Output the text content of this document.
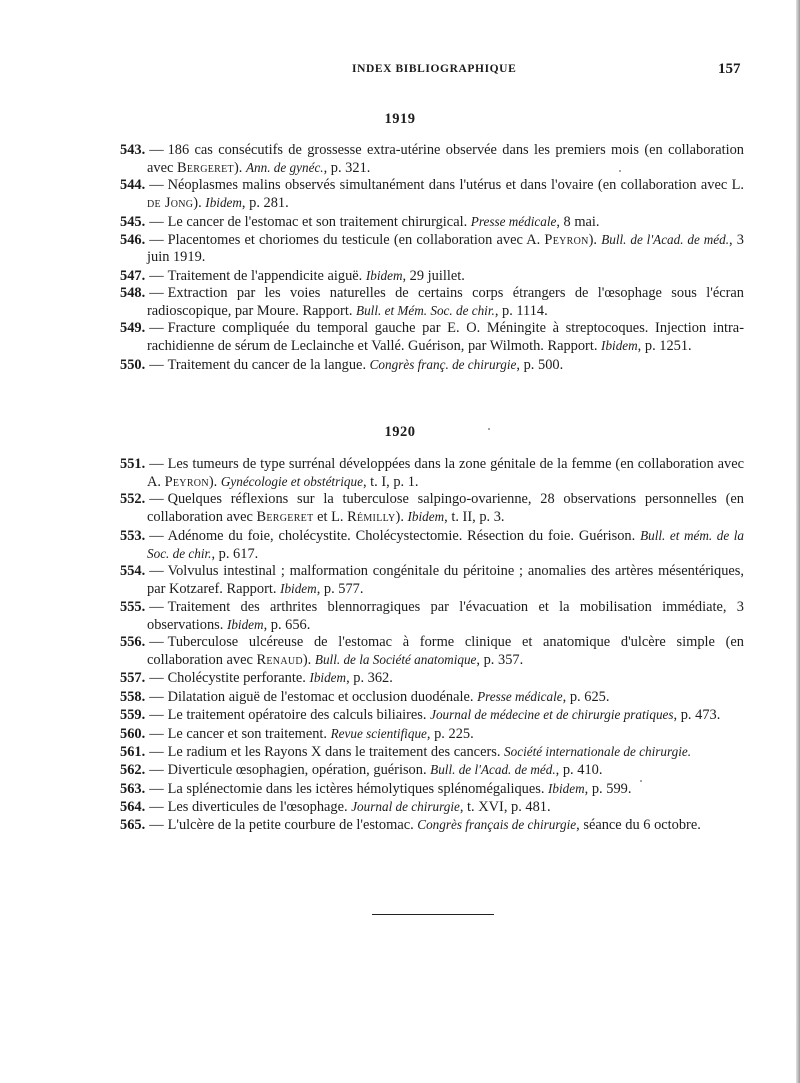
INDEX BIBLIOGRAPHIQUE	157
1919
543. — 186 cas consécutifs de grossesse extra-utérine observée dans les premiers mois (en collaboration avec Bergeret). Ann. de gynéc., p. 321.
544. — Néoplasmes malins observés simultanément dans l'utérus et dans l'ovaire (en collaboration avec L. de Jong). Ibidem, p. 281.
545. — Le cancer de l'estomac et son traitement chirurgical. Presse médicale, 8 mai.
546. — Placentomes et choriomes du testicule (en collaboration avec A. Peyron). Bull. de l'Acad. de méd., 3 juin 1919.
547. — Traitement de l'appendicite aiguë. Ibidem, 29 juillet.
548. — Extraction par les voies naturelles de certains corps étrangers de l'œsophage sous l'écran radioscopique, par Moure. Rapport. Bull. et Mém. Soc. de chir., p. 1114.
549. — Fracture compliquée du temporal gauche par E. O. Méningite à streptocoques. Injection intra-rachidienne de sérum de Leclainche et Vallé. Guérison, par Wilmoth. Rapport. Ibidem, p. 1251.
550. — Traitement du cancer de la langue. Congrès franç. de chirurgie, p. 500.
1920
551. — Les tumeurs de type surrénal développées dans la zone génitale de la femme (en collaboration avec A. Peyron). Gynécologie et obstétrique, t. I, p. 1.
552. — Quelques réflexions sur la tuberculose salpingo-ovarienne, 28 observations personnelles (en collaboration avec Bergeret et L. Rémilly). Ibidem, t. II, p. 3.
553. — Adénome du foie, cholécystite. Cholécystectomie. Résection du foie. Guérison. Bull. et mém. de la Soc. de chir., p. 617.
554. — Volvulus intestinal ; malformation congénitale du péritoine ; anomalies des artères mésentériques, par Kotzaref. Rapport. Ibidem, p. 577.
555. — Traitement des arthrites blennorragiques par l'évacuation et la mobilisation immédiate, 3 observations. Ibidem, p. 656.
556. — Tuberculose ulcéreuse de l'estomac à forme clinique et anatomique d'ulcère simple (en collaboration avec Renaud). Bull. de la Société anatomique, p. 357.
557. — Cholécystite perforante. Ibidem, p. 362.
558. — Dilatation aiguë de l'estomac et occlusion duodénale. Presse médicale, p. 625.
559. — Le traitement opératoire des calculs biliaires. Journal de médecine et de chirurgie pratiques, p. 473.
560. — Le cancer et son traitement. Revue scientifique, p. 225.
561. — Le radium et les Rayons X dans le traitement des cancers. Société internationale de chirurgie.
562. — Diverticule œsophagien, opération, guérison. Bull. de l'Acad. de méd., p. 410.
563. — La splénectomie dans les ictères hémolytiques splénomégaliques. Ibidem, p. 599.
564. — Les diverticules de l'œsophage. Journal de chirurgie, t. XVI, p. 481.
565. — L'ulcère de la petite courbure de l'estomac. Congrès français de chirurgie, séance du 6 octobre.
